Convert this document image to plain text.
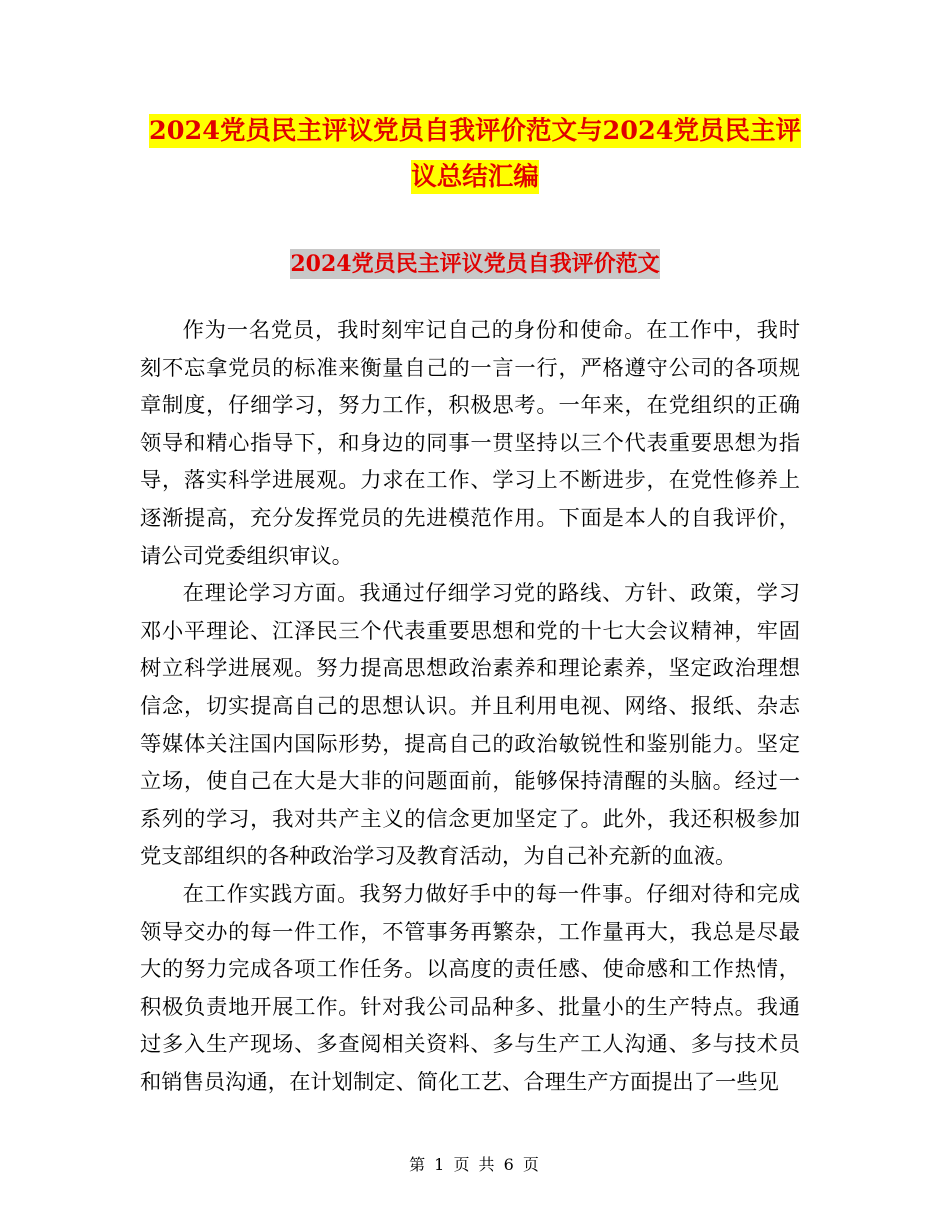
2024党员民主评议党员自我评价范文与2024党员民主评议总结汇编
2024党员民主评议党员自我评价范文

作为一名党员，我时刻牢记自己的身份和使命。在工作中，我时刻不忘拿党员的标准来衡量自己的一言一行，严格遵守公司的各项规章制度，仔细学习，努力工作，积极思考。一年来，在党组织的正确领导和精心指导下，和身边的同事一贯坚持以三个代表重要思想为指导，落实科学进展观。力求在工作、学习上不断进步，在党性修养上逐渐提高，充分发挥党员的先进模范作用。下面是本人的自我评价，请公司党委组织审议。

在理论学习方面。我通过仔细学习党的路线、方针、政策，学习邓小平理论、江泽民三个代表重要思想和党的十七大会议精神，牢固树立科学进展观。努力提高思想政治素养和理论素养，坚定政治理想信念，切实提高自己的思想认识。并且利用电视、网络、报纸、杂志等媒体关注国内国际形势，提高自己的政治敏锐性和鉴别能力。坚定立场，使自己在大是大非的问题面前，能够保持清醒的头脑。经过一系列的学习，我对共产主义的信念更加坚定了。此外，我还积极参加党支部组织的各种政治学习及教育活动，为自己补充新的血液。

在工作实践方面。我努力做好手中的每一件事。仔细对待和完成领导交办的每一件工作，不管事务再繁杂，工作量再大，我总是尽最大的努力完成各项工作任务。以高度的责任感、使命感和工作热情，积极负责地开展工作。针对我公司品种多、批量小的生产特点。我通过多入生产现场、多查阅相关资料、多与生产工人沟通、多与技术员和销售员沟通，在计划制定、简化工艺、合理生产方面提出了一些见

第 1 页 共 6 页
